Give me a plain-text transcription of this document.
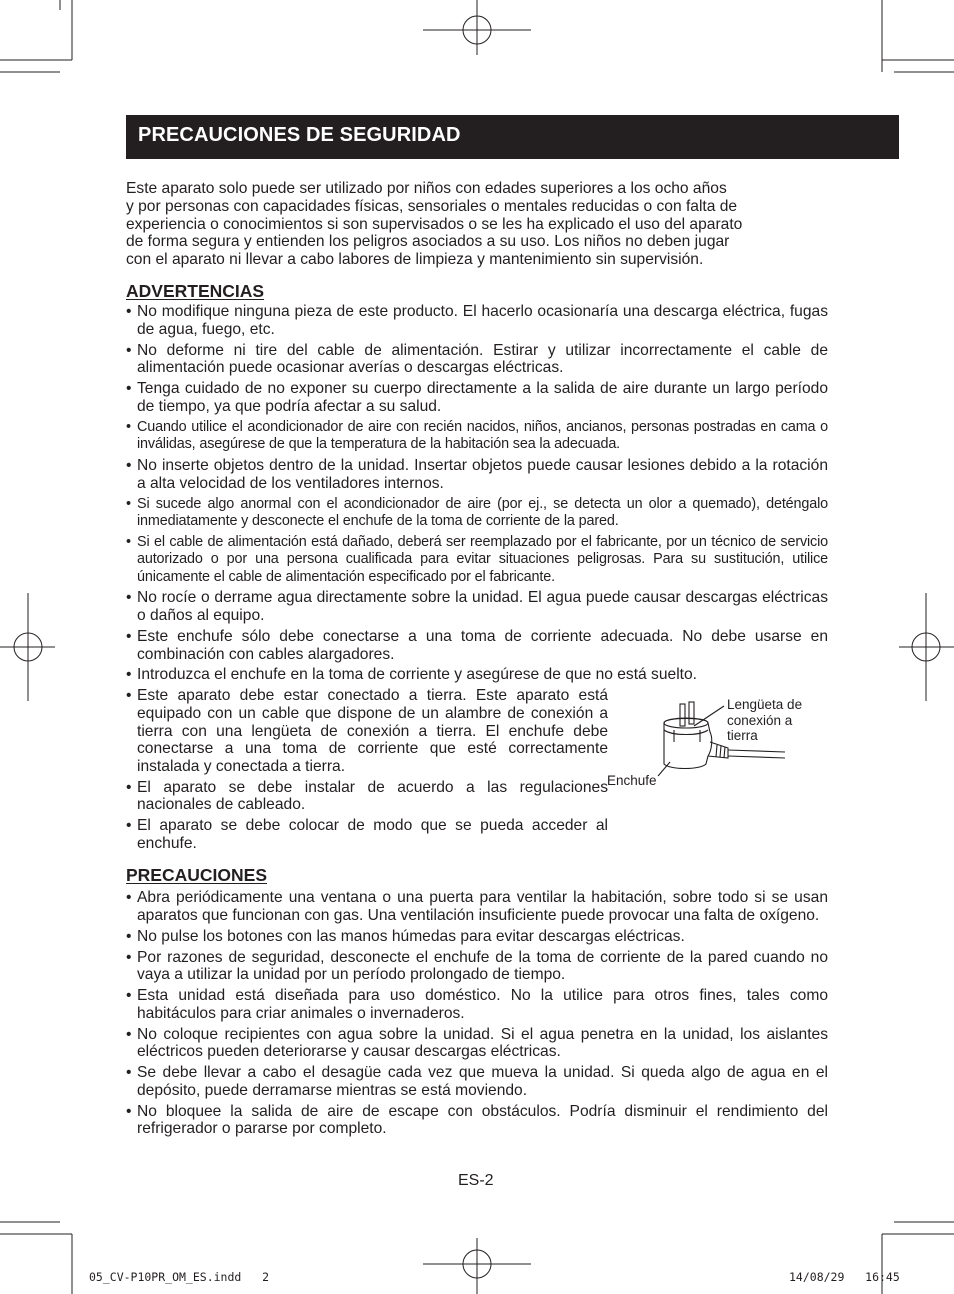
PRECAUCIONES DE SEGURIDAD

Este aparato solo puede ser utilizado por niños con edades superiores a los ocho años

y por personas con capacidades físicas, sensoriales o mentales reducidas o con falta de

experiencia o conocimientos si son supervisados o se les ha explicado el uso del aparato

de forma segura y entienden los peligros asociados a su uso. Los niños no deben jugar

con el aparato ni llevar a cabo labores de limpieza y mantenimiento sin supervisión.

ADVERTENCIAS
• No modifique ninguna pieza de este producto. El hacerlo ocasionaría una descarga eléctrica, fugas de agua, fuego, etc.
• No deforme ni tire del cable de alimentación. Estirar y utilizar incorrectamente el cable de alimentación puede ocasionar averías o descargas eléctricas.
• Tenga cuidado de no exponer su cuerpo directamente a la salida de aire durante un largo período de tiempo, ya que podría afectar a su salud.
• Cuando utilice el acondicionador de aire con recién nacidos, niños, ancianos, personas postradas en cama o inválidas, asegúrese de que la temperatura de la habitación sea la adecuada.
• No inserte objetos dentro de la unidad. Insertar objetos puede causar lesiones debido a la rotación a alta velocidad de los ventiladores internos.
• Si sucede algo anormal con el acondicionador de aire (por ej., se detecta un olor a quemado), deténgalo inmediatamente y desconecte el enchufe de la toma de corriente de la pared.
• Si el cable de alimentación está dañado, deberá ser reemplazado por el fabricante, por un técnico de servicio autorizado o por una persona cualificada para evitar situaciones peligrosas. Para su sustitución, utilice únicamente el cable de alimentación especificado por el fabricante.
• No rocíe o derrame agua directamente sobre la unidad. El agua puede causar descargas eléctricas o daños al equipo.
• Este enchufe sólo debe conectarse a una toma de corriente adecuada. No debe usarse en combinación con cables alargadores.
• Introduzca el enchufe en la toma de corriente y asegúrese de que no está suelto.
• Este aparato debe estar conectado a tierra. Este aparato está equipado con un cable que dispone de un alambre de conexión a tierra con una lengüeta de conexión a tierra. El enchufe debe conectarse a una toma de corriente que esté correctamente instalada y conectada a tierra.
• El aparato se debe instalar de acuerdo a las regulaciones nacionales de cableado.
• El aparato se debe colocar de modo que se pueda acceder al enchufe.
Lengüeta de
conexión a
tierra
Enchufe
PRECAUCIONES
• Abra periódicamente una ventana o una puerta para ventilar la habitación, sobre todo si se usan aparatos que funcionan con gas. Una ventilación insuficiente puede provocar una falta de oxígeno.
• No pulse los botones con las manos húmedas para evitar descargas eléctricas.
• Por razones de seguridad, desconecte el enchufe de la toma de corriente de la pared cuando no vaya a utilizar la unidad por un período prolongado de tiempo.
• Esta unidad está diseñada para uso doméstico. No la utilice para otros fines, tales como habitáculos para criar animales o invernaderos.
• No coloque recipientes con agua sobre la unidad. Si el agua penetra en la unidad, los aislantes eléctricos pueden deteriorarse y causar descargas eléctricas.
• Se debe llevar a cabo el desagüe cada vez que mueva la unidad. Si queda algo de agua en el depósito, puede derramarse mientras se está moviendo.
• No bloquee la salida de aire de escape con obstáculos. Podría disminuir el rendimiento del refrigerador o pararse por completo.
ES-2
05_CV-P10PR_OM_ES.indd   2	14/08/29   16:45
